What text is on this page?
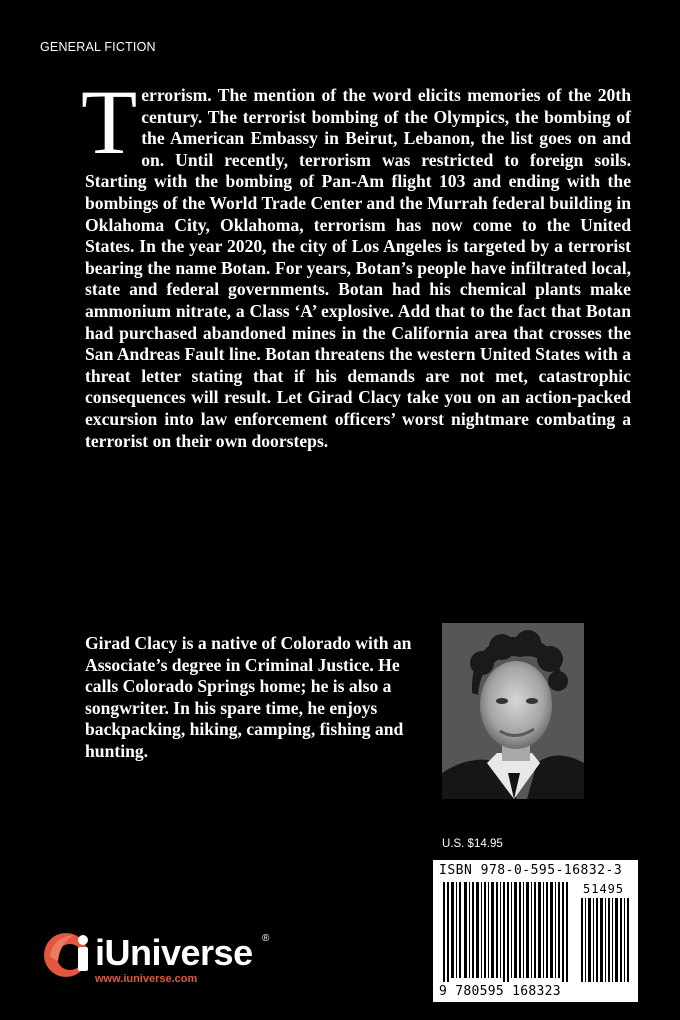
GENERAL FICTION

Terrorism. The mention of the word elicits memories of the 20th century. The terrorist bombing of the Olympics, the bombing of the American Embassy in Beirut, Lebanon, the list goes on and on. Until recently, terrorism was restricted to foreign soils. Starting with the bombing of Pan-Am flight 103 and ending with the bombings of the World Trade Center and the Murrah federal building in Oklahoma City, Oklahoma, terrorism has now come to the United States. In the year 2020, the city of Los Angeles is targeted by a terrorist bearing the name Botan. For years, Botan’s people have infiltrated local, state and federal governments. Botan had his chemical plants make ammonium nitrate, a Class ‘A’ explosive. Add that to the fact that Botan had purchased abandoned mines in the California area that crosses the San Andreas Fault line. Botan threatens the western United States with a threat letter stating that if his demands are not met, catastrophic consequences will result. Let Girad Clacy take you on an action-packed excursion into law enforcement officers’ worst nightmare combating a terrorist on their own doorsteps.

Girad Clacy is a native of Colorado with an Associate’s degree in Criminal Justice. He calls Colorado Springs home; he is also a songwriter. In his spare time, he enjoys backpacking, hiking, camping, fishing and hunting.

U.S. $14.95
ISBN 978-0-595-16832-3
51495
9 780595 168323
iUniverse ®
www.iuniverse.com
